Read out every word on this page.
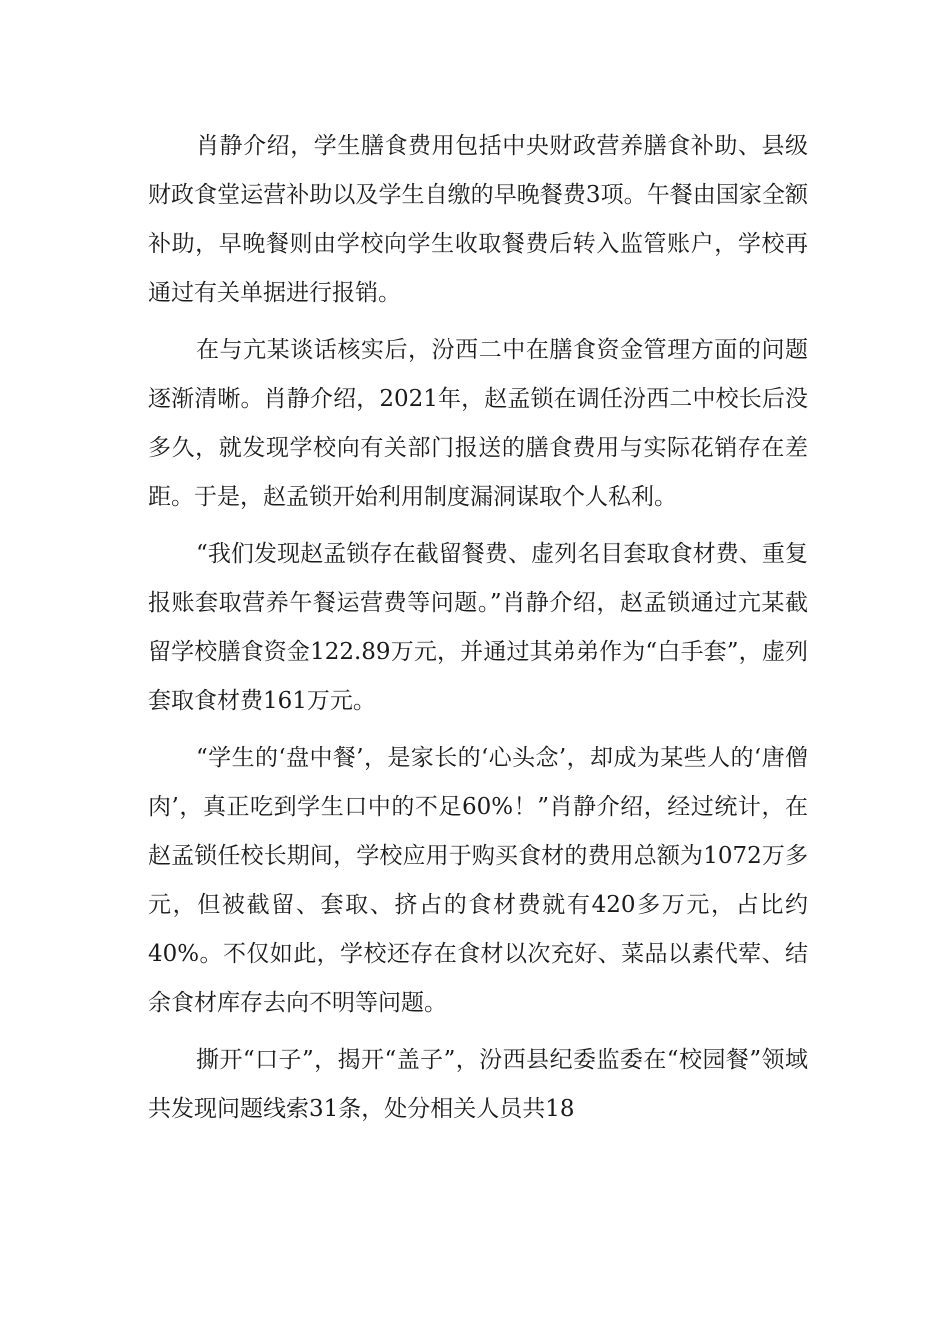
肖静介绍，学生膳食费用包括中央财政营养膳食补助、县级财政食堂运营补助以及学生自缴的早晚餐费3项。午餐由国家全额补助，早晚餐则由学校向学生收取餐费后转入监管账户，学校再通过有关单据进行报销。

在与亢某谈话核实后，汾西二中在膳食资金管理方面的问题逐渐清晰。肖静介绍，2021年，赵孟锁在调任汾西二中校长后没多久，就发现学校向有关部门报送的膳食费用与实际花销存在差距。于是，赵孟锁开始利用制度漏洞谋取个人私利。

“我们发现赵孟锁存在截留餐费、虚列名目套取食材费、重复报账套取营养午餐运营费等问题。”肖静介绍，赵孟锁通过亢某截留学校膳食资金122.89万元，并通过其弟弟作为“白手套”，虚列套取食材费161万元。

“学生的‘盘中餐’，是家长的‘心头念’，却成为某些人的‘唐僧肉’，真正吃到学生口中的不足60%！”肖静介绍，经过统计，在赵孟锁任校长期间，学校应用于购买食材的费用总额为1072万多元，但被截留、套取、挤占的食材费就有420多万元，占比约40%。不仅如此，学校还存在食材以次充好、菜品以素代荤、结余食材库存去向不明等问题。

撕开“口子”，揭开“盖子”，汾西县纪委监委在“校园餐”领域共发现问题线索31条，处分相关人员共18
